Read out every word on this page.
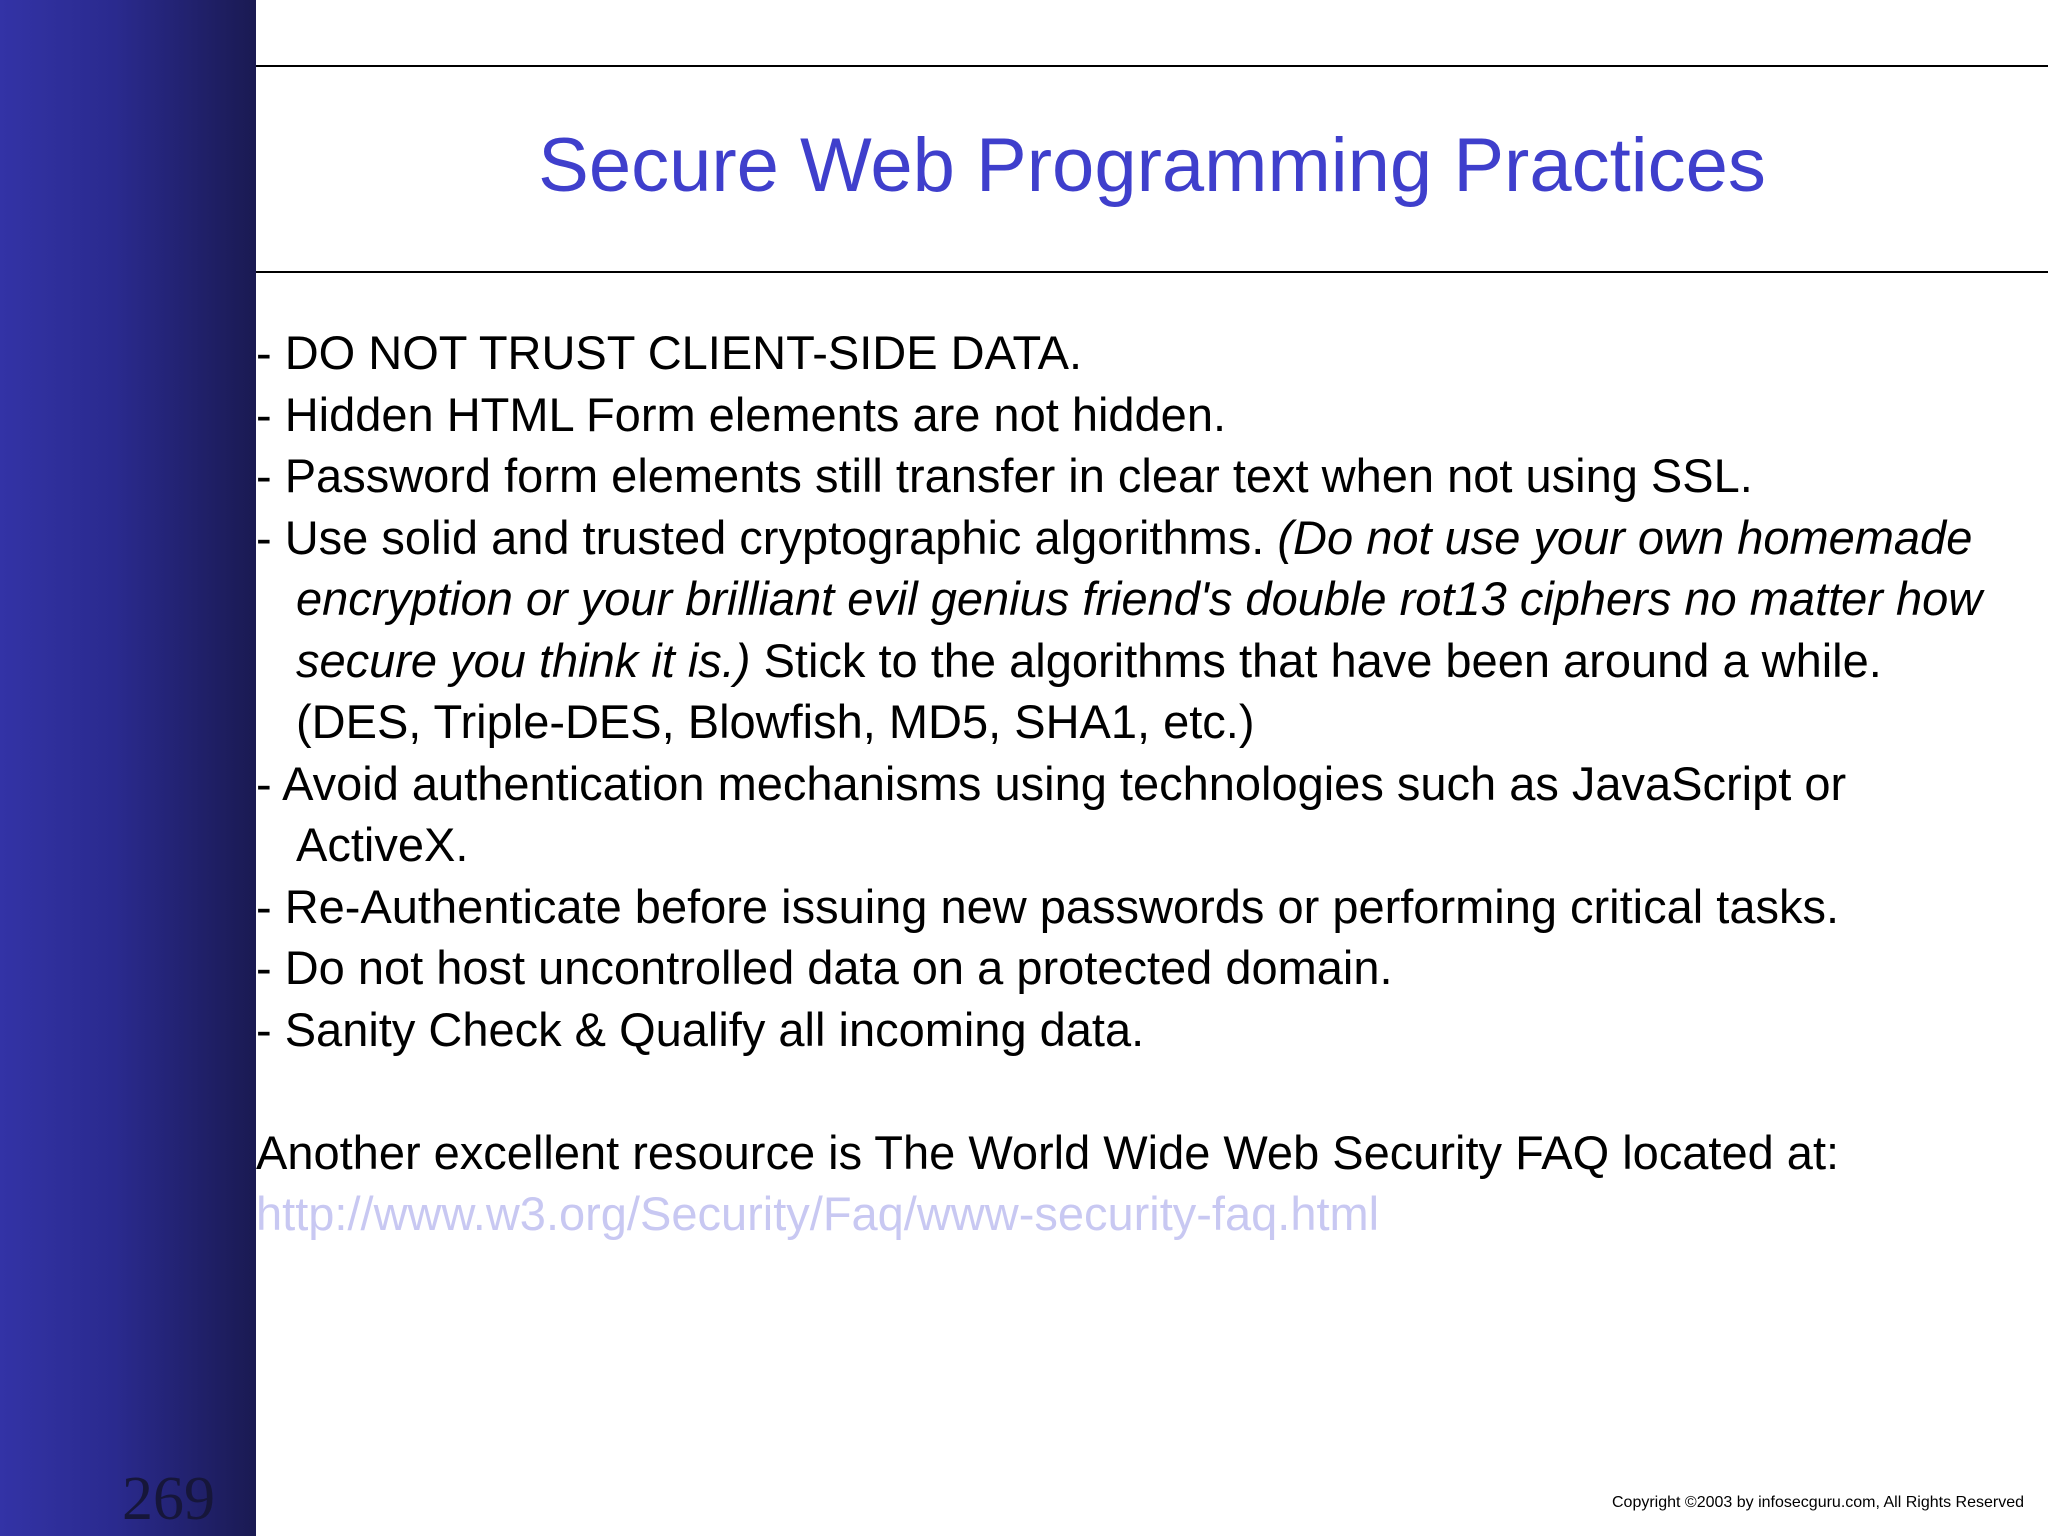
269
Secure Web Programming Practices
- DO NOT TRUST CLIENT-SIDE DATA.
- Hidden HTML Form elements are not hidden.
- Password form elements still transfer in clear text when not using SSL.
- Use solid and trusted cryptographic algorithms. (Do not use your own homemade encryption or your brilliant evil genius friend's double rot13 ciphers no matter how secure you think it is.) Stick to the algorithms that have been around a while. (DES, Triple-DES, Blowfish, MD5, SHA1, etc.)
- Avoid authentication mechanisms using technologies such as JavaScript or ActiveX.
- Re-Authenticate before issuing new passwords or performing critical tasks.
- Do not host uncontrolled data on a protected domain.
- Sanity Check & Qualify all incoming data.
Another excellent resource is The World Wide Web Security FAQ located at:
http://www.w3.org/Security/Faq/www-security-faq.html
Copyright ©2003 by infosecguru.com, All Rights Reserved
